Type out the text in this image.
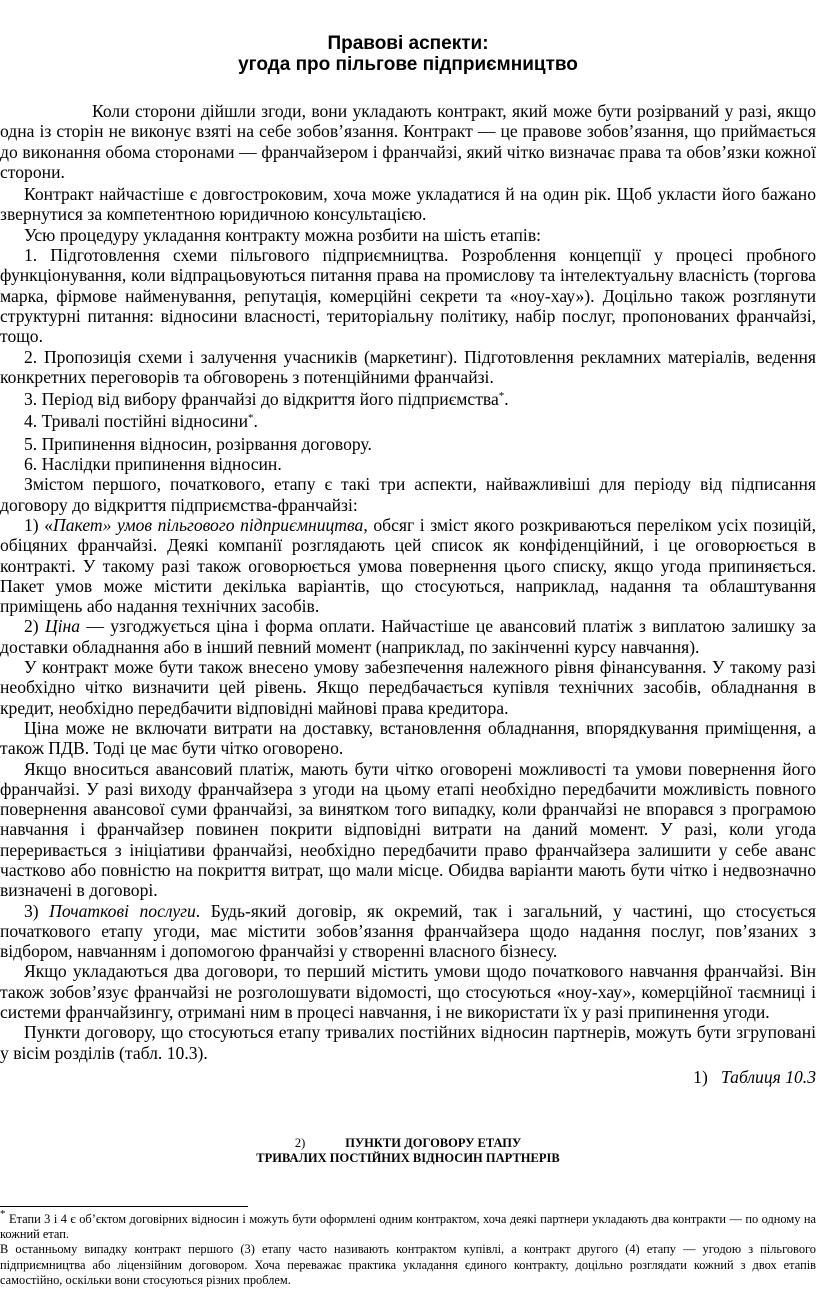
Правові аспекти:
угода про пільгове підприємництво

Коли сторони дійшли згоди, вони укладають контракт, який може бути розірваний у разі, якщо одна із сторін не виконує взяті на себе зобов’язання. Контракт — це правове зобов’язання, що приймається до виконання обома сторонами — франчайзером і франчайзі, який чітко визначає права та обов’язки кожної сторони.

Контракт найчастіше є довгостроковим, хоча може укладатися й на один рік. Щоб укласти його бажано звернутися за компетентною юридичною консультацією.

Усю процедуру укладання контракту можна розбити на шість етапів:

1. Підготовлення схеми пільгового підприємництва. Розроблення концепції у процесі пробного функціонування, коли відпрацьовуються питання права на промислову та інтелектуальну власність (торгова марка, фірмове найменування, репутація, комерційні секрети та «ноу-хау»). Доцільно також розглянути структурні питання: відносини власності, територіальну політику, набір послуг, пропонованих франчайзі, тощо.

2. Пропозиція схеми і залучення учасників (маркетинг). Підготовлення рекламних матеріалів, ведення конкретних переговорів та обговорень з потенційними франчайзі.

3. Період від вибору франчайзі до відкриття його підприємства*.

4. Тривалі постійні відносини*.

5. Припинення відносин, розірвання договору.

6. Наслідки припинення відносин.

Змістом першого, початкового, етапу є такі три аспекти, найважливіші для періоду від підписання договору до відкриття підприємства-франчайзі:

1) «Пакет» умов пільгового підприємництва, обсяг і зміст якого розкриваються переліком усіх позицій, обіцяних франчайзі. Деякі компанії розглядають цей список як конфіденційний, і це оговорюється в контракті. У такому разі також оговорюється умова повернення цього списку, якщо угода припиняється. Пакет умов може містити декілька варіантів, що стосуються, наприклад, надання та облаштування приміщень або надання технічних засобів.

2) Ціна — узгоджується ціна і форма оплати. Найчастіше це авансовий платіж з виплатою залишку за доставки обладнання або в інший певний момент (наприклад, по закінченні курсу навчання).

У контракт може бути також внесено умову забезпечення належного рівня фінансування. У такому разі необхідно чітко визначити цей рівень. Якщо передбачається купівля технічних засобів, обладнання в кредит, необхідно передбачити відповідні майнові права кредитора.

Ціна може не включати витрати на доставку, встановлення обладнання, впорядкування приміщення, а також ПДВ. Тоді це має бути чітко оговорено.

Якщо вноситься авансовий платіж, мають бути чітко оговорені можливості та умови повернення його франчайзі. У разі виходу франчайзера з угоди на цьому етапі необхідно передбачити можливість повного повернення авансової суми франчайзі, за винятком того випадку, коли франчайзі не впорався з програмою навчання і франчайзер повинен покрити відповідні витрати на даний момент. У разі, коли угода переривається з ініціативи франчайзі, необхідно передбачити право франчайзера залишити у себе аванс частково або повністю на покриття витрат, що мали місце. Обидва варіанти мають бути чітко і недвозначно визначені в договорі.

3) Початкові послуги. Будь-який договір, як окремий, так і загальний, у частині, що стосується початкового етапу угоди, має містити зобов’язання франчайзера щодо надання послуг, пов’язаних з відбором, навчанням і допомогою франчайзі у створенні власного бізнесу.

Якщо укладаються два договори, то перший містить умови щодо початкового навчання франчайзі. Він також зобов’язує франчайзі не розголошувати відомості, що стосуються «ноу-хау», комерційної таємниці і системи франчайзингу, отримані ним в процесі навчання, і не використати їх у разі припинення угоди.

Пункти договору, що стосуються етапу тривалих постійних відносин партнерів, можуть бути згруповані у вісім розділів (табл. 10.3).

1) Таблиця 10.3
2)	ПУНКТИ ДОГОВОРУ ЕТАПУ
ТРИВАЛИХ ПОСТІЙНИХ ВІДНОСИН ПАРТНЕРІВ

* Етапи 3 і 4 є об’єктом договірних відносин і можуть бути оформлені одним контрактом, хоча деякі партнери укладають два контракти — по одному на кожний етап.

В останньому випадку контракт першого (3) етапу часто називають контрактом купівлі, а контракт другого (4) етапу — угодою з пільгового підприємництва або ліцензійним договором. Хоча переважає практика укладання єдиного контракту, доцільно розглядати кожний з двох етапів самостійно, оскільки вони стосуються різних проблем.
